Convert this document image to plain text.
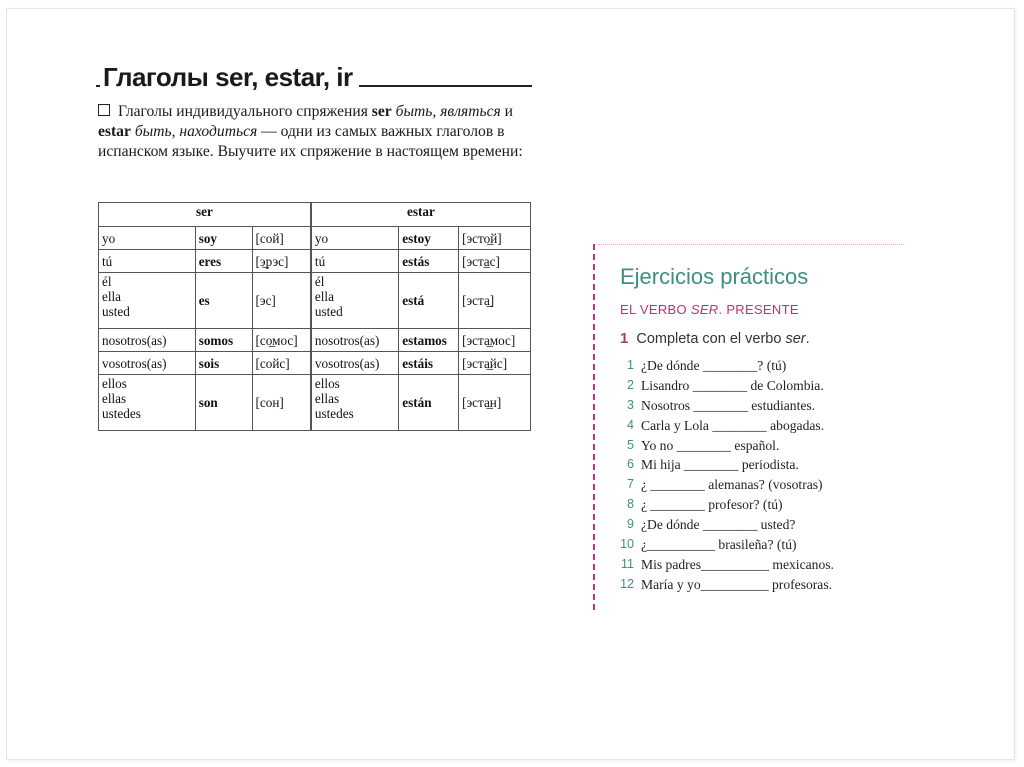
Глаголы ser, estar, ir

Глаголы индивидуального спряжения ser быть, являться и estar быть, находиться — одни из самых важных глаголов в испанском языке. Выучите их спряжение в настоящем времени:

ser			estar		
yo	soy	[сой]	yo	estoy	[эсто̲й]
tú	eres	[э̲рэс]	tú	estás	[эстa̲с]
él
ella
usted	es	[эс]	él
ella
usted	está	[эста̲]
nosotros(as)	somos	[со̲мос]	nosotros(as)	estamos	[эста̲мос]
vosotros(as)	sois	[сойс]	vosotros(as)	estáis	[эста̲йс]
ellos
ellas
ustedes	son	[сон]	ellos
ellas
ustedes	están	[эста̲н]
Ejercicios prácticos
EL VERBO SER. PRESENTE
1 Completa con el verbo ser.
1 ¿De dónde ________? (tú)
2 Lisandro ________ de Colombia.
3 Nosotros ________ estudiantes.
4 Carla y Lola ________ abogadas.
5 Yo no ________ español.
6 Mi hija ________ periodista.
7 ¿ ________ alemanas? (vosotras)
8 ¿ ________ profesor? (tú)
9 ¿De dónde ________ usted?
10 ¿__________ brasileña? (tú)
11 Mis padres__________ mexicanos.
12 María y yo__________ profesoras.
